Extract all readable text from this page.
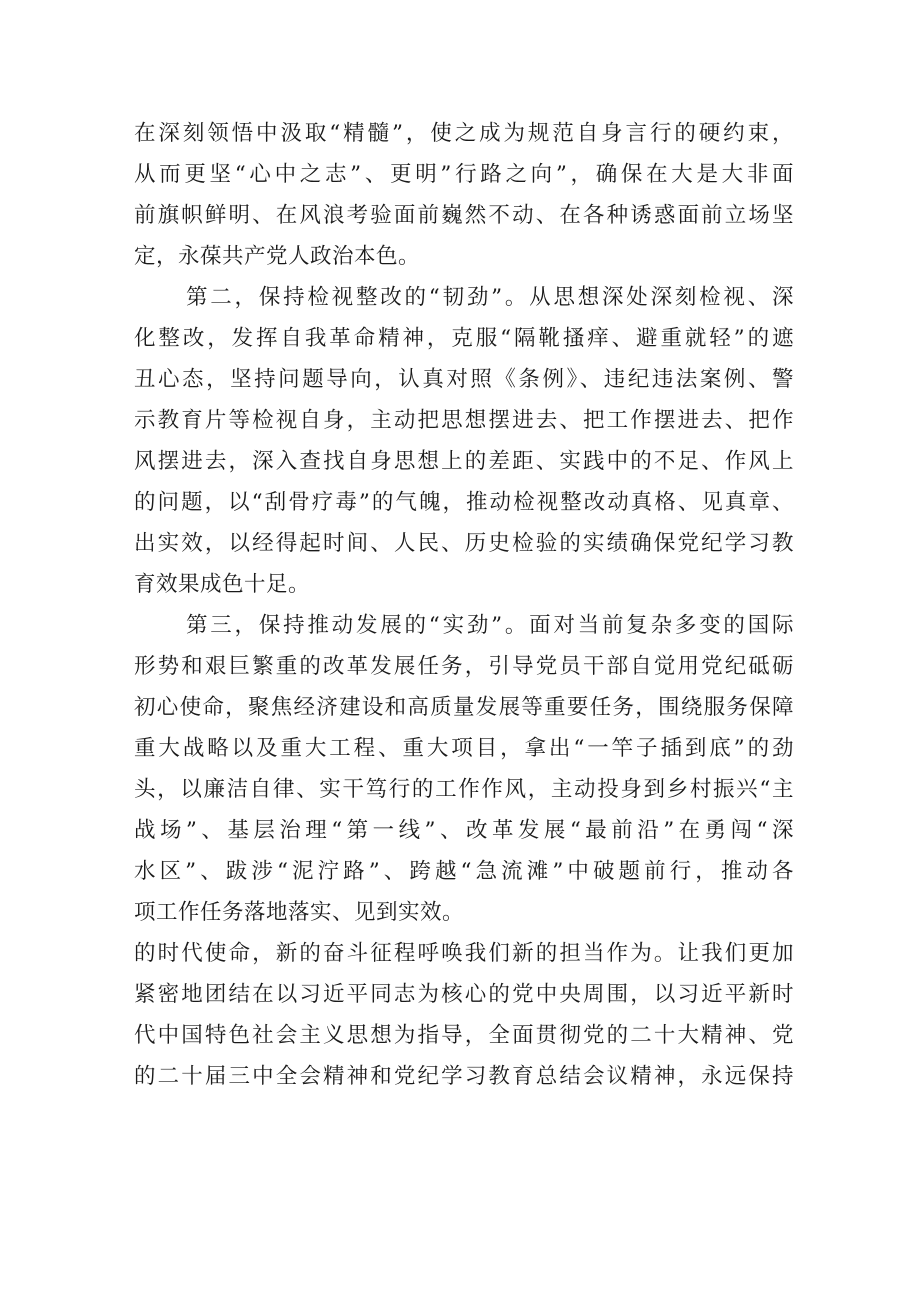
在深刻领悟中汲取“精髓”，使之成为规范自身言行的硬约束，
从而更坚“心中之志”、更明”行路之向”，确保在大是大非面
前旗帜鲜明、在风浪考验面前巍然不动、在各种诱惑面前立场坚
定，永葆共产党人政治本色。
第二，保持检视整改的“韧劲”。从思想深处深刻检视、深
化整改，发挥自我革命精神，克服“隔靴搔痒、避重就轻”的遮
丑心态，坚持问题导向，认真对照《条例》、违纪违法案例、警
示教育片等检视自身，主动把思想摆进去、把工作摆进去、把作
风摆进去，深入查找自身思想上的差距、实践中的不足、作风上
的问题，以“刮骨疗毒”的气魄，推动检视整改动真格、见真章、
出实效，以经得起时间、人民、历史检验的实绩确保党纪学习教
育效果成色十足。
第三，保持推动发展的“实劲”。面对当前复杂多变的国际
形势和艰巨繁重的改革发展任务，引导党员干部自觉用党纪砥砺
初心使命，聚焦经济建设和高质量发展等重要任务，围绕服务保障
重大战略以及重大工程、重大项目，拿出“一竿子插到底”的劲
头，以廉洁自律、实干笃行的工作作风，主动投身到乡村振兴“主
战场”、基层治理“第一线”、改革发展“最前沿”在勇闯“深
水区”、跋涉“泥泞路”、跨越“急流滩”中破题前行，推动各
项工作任务落地落实、见到实效。
的时代使命，新的奋斗征程呼唤我们新的担当作为。让我们更加
紧密地团结在以习近平同志为核心的党中央周围，以习近平新时
代中国特色社会主义思想为指导，全面贯彻党的二十大精神、党
的二十届三中全会精神和党纪学习教育总结会议精神，永远保持
